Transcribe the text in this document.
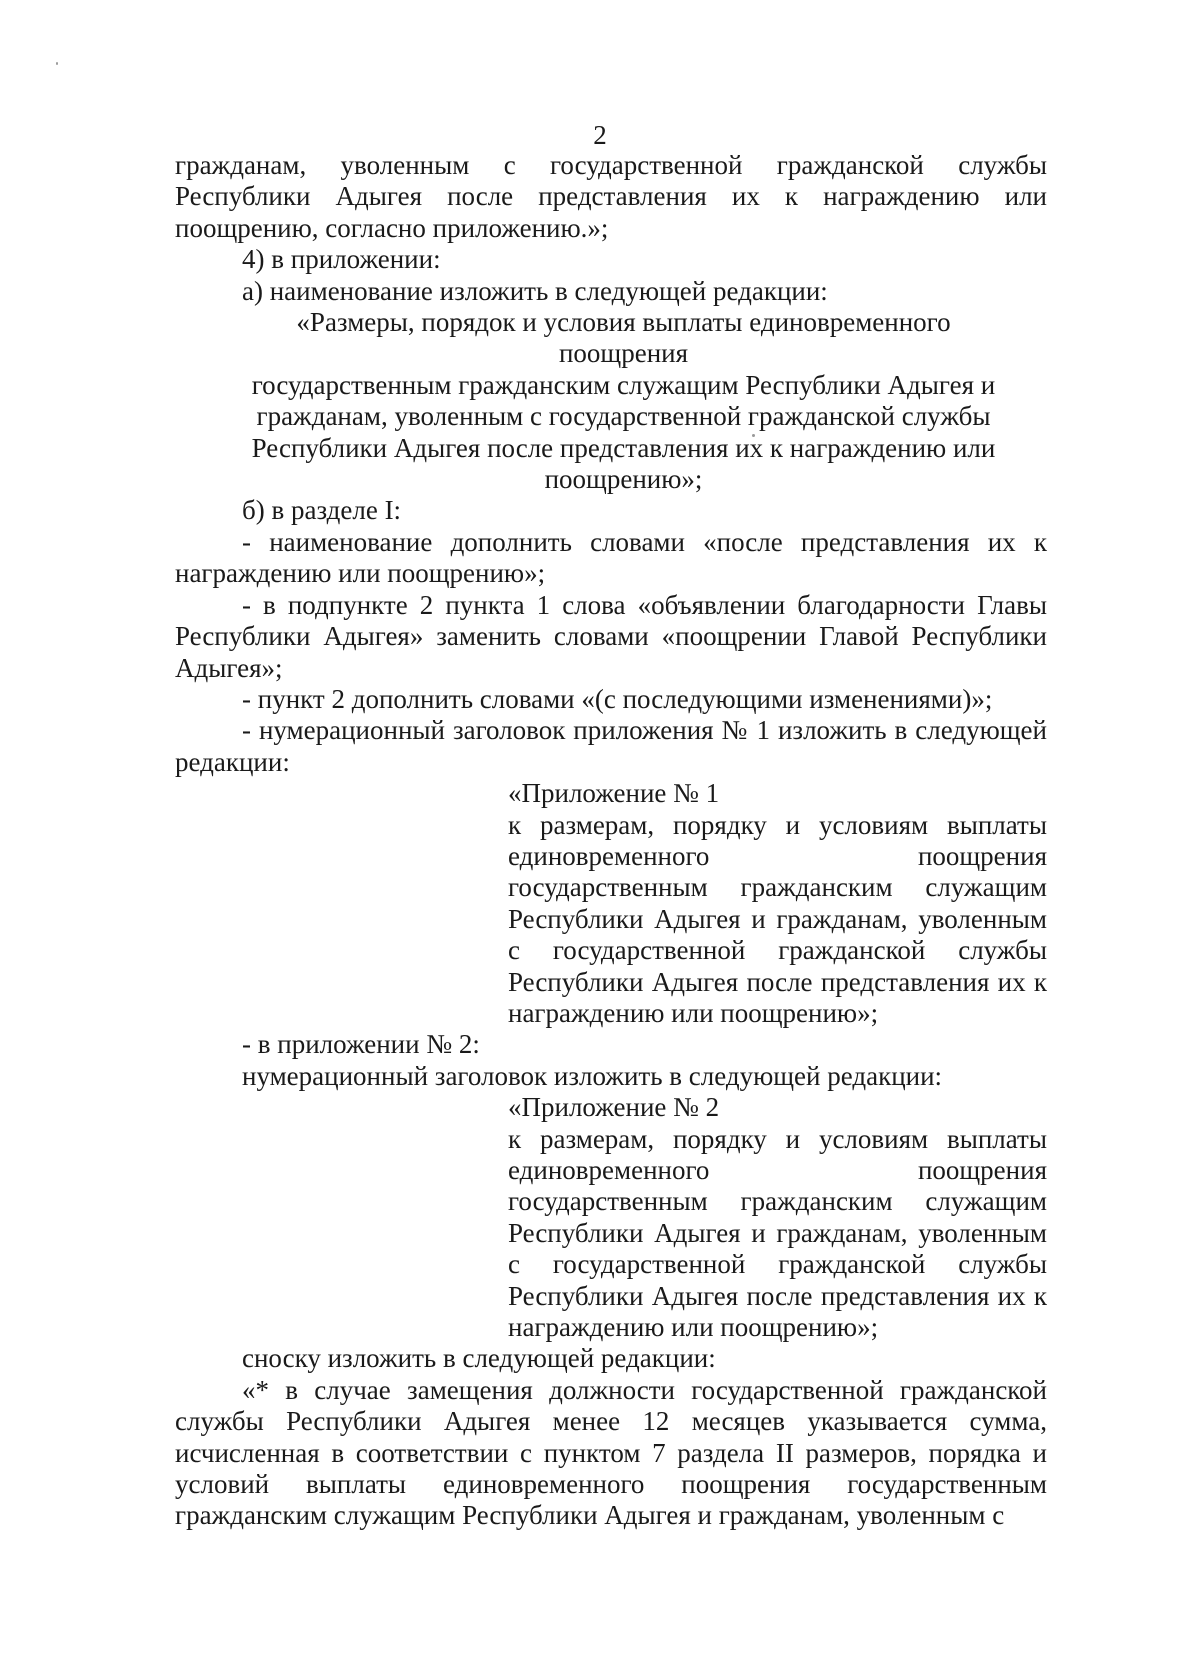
2

гражданам, уволенным с государственной гражданской службы Республики Адыгея после представления их к награждению или поощрению, согласно приложению.»;

4) в приложении:

а) наименование изложить в следующей редакции:

«Размеры, порядок и условия выплаты единовременного поощрения
государственным гражданским служащим Республики Адыгея и
гражданам, уволенным с государственной гражданской службы
Республики Адыгея после представления их к награждению или
поощрению»;

б) в разделе I:

- наименование дополнить словами «после представления их к награждению или поощрению»;

- в подпункте 2 пункта 1 слова «объявлении благодарности Главы Республики Адыгея» заменить словами «поощрении Главой Республики Адыгея»;

- пункт 2 дополнить словами «(с последующими изменениями)»;

- нумерационный заголовок приложения № 1 изложить в следующей редакции:

«Приложение № 1
к размерам, порядку и условиям выплаты единовременного поощрения государственным гражданским служащим Республики Адыгея и гражданам, уволенным с государственной гражданской службы Республики Адыгея после представления их к награждению или поощрению»;

- в приложении № 2:

нумерационный заголовок изложить в следующей редакции:

«Приложение № 2
к размерам, порядку и условиям выплаты единовременного поощрения государственным гражданским служащим Республики Адыгея и гражданам, уволенным с государственной гражданской службы Республики Адыгея после представления их к награждению или поощрению»;

сноску изложить в следующей редакции:

«* в случае замещения должности государственной гражданской службы Республики Адыгея менее 12 месяцев указывается сумма, исчисленная в соответствии с пунктом 7 раздела II размеров, порядка и условий выплаты единовременного поощрения государственным гражданским служащим Республики Адыгея и гражданам, уволенным с
